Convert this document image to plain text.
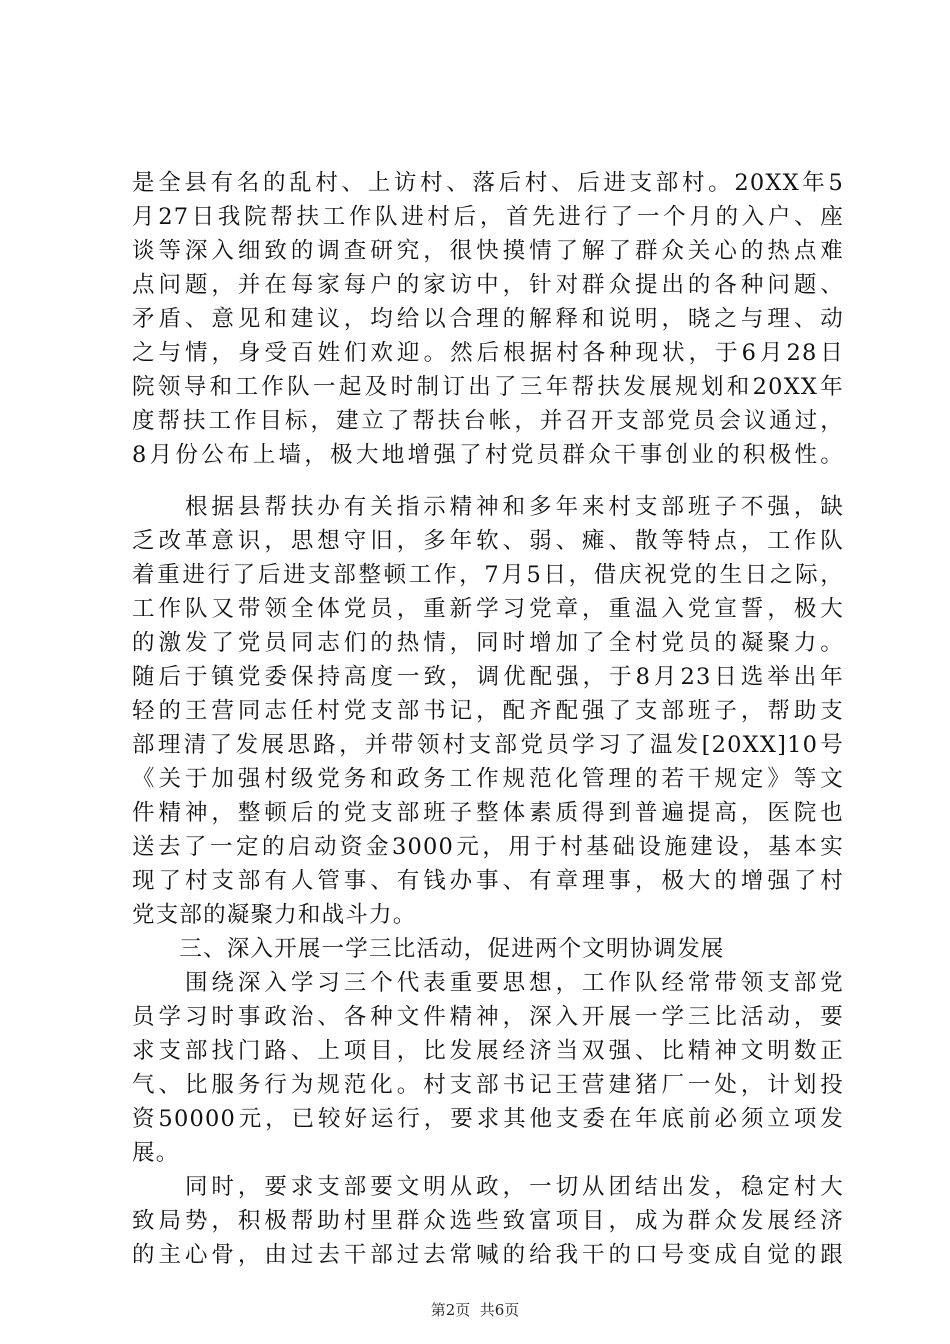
是全县有名的乱村、上访村、落后村、后进支部村。20XX年5
月27日我院帮扶工作队进村后，首先进行了一个月的入户、座
谈等深入细致的调查研究，很快摸情了解了群众关心的热点难
点问题，并在每家每户的家访中，针对群众提出的各种问题、
矛盾、意见和建议，均给以合理的解释和说明，晓之与理、动
之与情，身受百姓们欢迎。然后根据村各种现状，于6月28日
院领导和工作队一起及时制订出了三年帮扶发展规划和20XX年
度帮扶工作目标，建立了帮扶台帐，并召开支部党员会议通过，
8月份公布上墙，极大地增强了村党员群众干事创业的积极性。
　　根据县帮扶办有关指示精神和多年来村支部班子不强，缺
乏改革意识，思想守旧，多年软、弱、瘫、散等特点，工作队
着重进行了后进支部整顿工作，7月5日，借庆祝党的生日之际，
工作队又带领全体党员，重新学习党章，重温入党宣誓，极大
的激发了党员同志们的热情，同时增加了全村党员的凝聚力。
随后于镇党委保持高度一致，调优配强，于8月23日选举出年
轻的王营同志任村党支部书记，配齐配强了支部班子，帮助支
部理清了发展思路，并带领村支部党员学习了温发[20XX]10号
《关于加强村级党务和政务工作规范化管理的若干规定》等文
件精神，整顿后的党支部班子整体素质得到普遍提高，医院也
送去了一定的启动资金3000元，用于村基础设施建设，基本实
现了村支部有人管事、有钱办事、有章理事，极大的增强了村
党支部的凝聚力和战斗力。
　　三、深入开展一学三比活动，促进两个文明协调发展
　　围绕深入学习三个代表重要思想，工作队经常带领支部党
员学习时事政治、各种文件精神，深入开展一学三比活动，要
求支部找门路、上项目，比发展经济当双强、比精神文明数正
气、比服务行为规范化。村支部书记王营建猪厂一处，计划投
资50000元，已较好运行，要求其他支委在年底前必须立项发
展。
　　同时，要求支部要文明从政，一切从团结出发，稳定村大
致局势，积极帮助村里群众选些致富项目，成为群众发展经济
的主心骨，由过去干部过去常喊的给我干的口号变成自觉的跟
第2页  共6页
